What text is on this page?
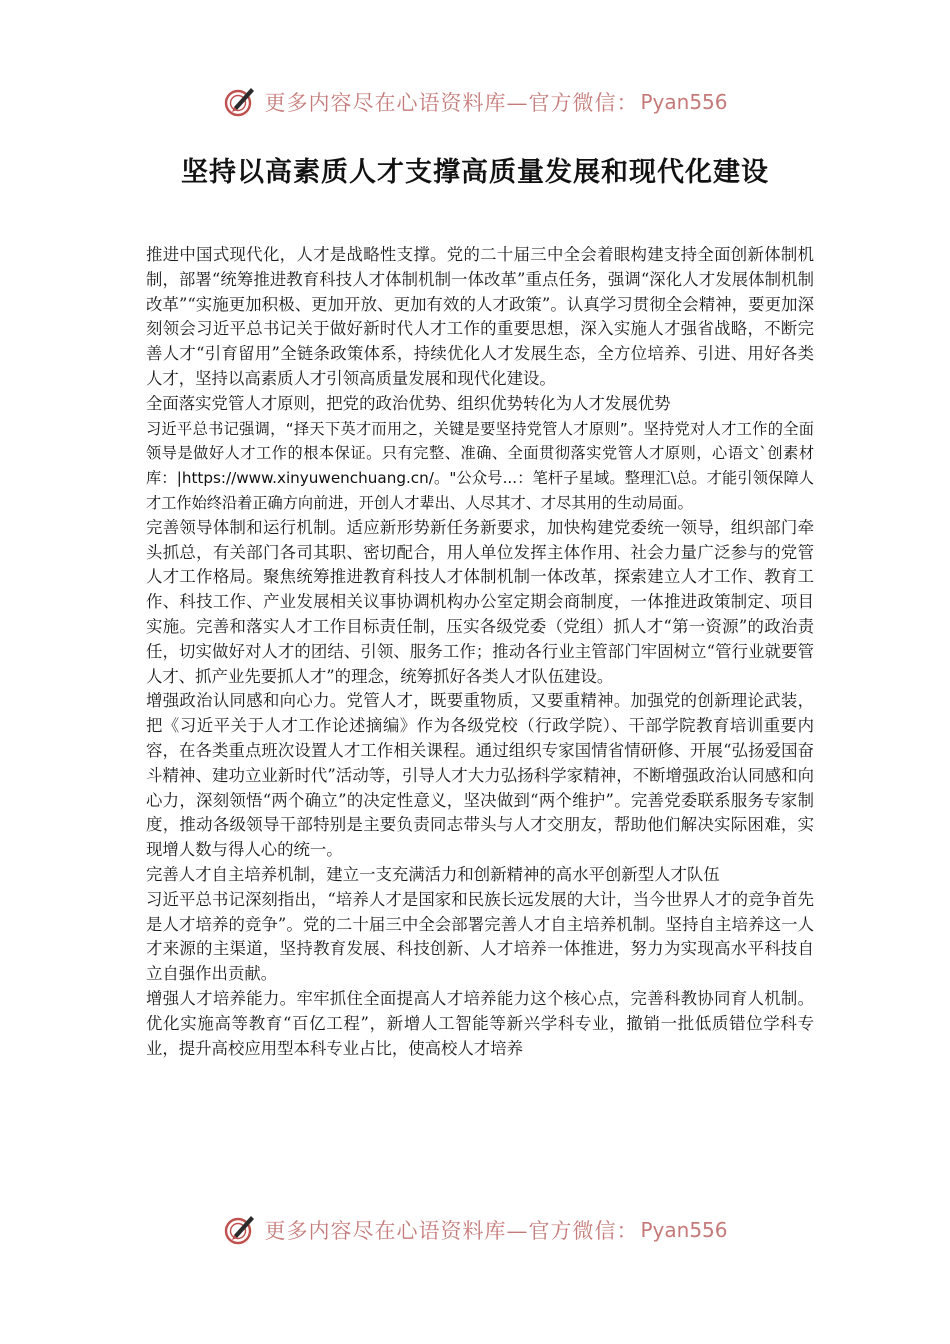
更多内容尽在心语资料库—官方微信： Pyan556
坚持以高素质人才支撑高质量发展和现代化建设

推进中国式现代化，人才是战略性支撑。党的二十届三中全会着眼构建支持全面创新体制机制，部署“统筹推进教育科技人才体制机制一体改革”重点任务，强调“深化人才发展体制机制改革”“实施更加积极、更加开放、更加有效的人才政策”。认真学习贯彻全会精神，要更加深刻领会习近平总书记关于做好新时代人才工作的重要思想，深入实施人才强省战略，不断完善人才“引育留用”全链条政策体系，持续优化人才发展生态，全方位培养、引进、用好各类人才，坚持以高素质人才引领高质量发展和现代化建设。

全面落实党管人才原则，把党的政治优势、组织优势转化为人才发展优势

习近平总书记强调，“择天下英才而用之，关键是要坚持党管人才原则”。坚持党对人才工作的全面领导是做好人才工作的根本保证。只有完整、准确、全面贯彻落实党管人才原则，心语文`创素材库：|https://www.xinyuwenchuang.cn/。"公众号...：笔杆子星域。整理汇\总。才能引领保障人才工作始终沿着正确方向前进，开创人才辈出、人尽其才、才尽其用的生动局面。

完善领导体制和运行机制。适应新形势新任务新要求，加快构建党委统一领导，组织部门牵头抓总，有关部门各司其职、密切配合，用人单位发挥主体作用、社会力量广泛参与的党管人才工作格局。聚焦统筹推进教育科技人才体制机制一体改革，探索建立人才工作、教育工作、科技工作、产业发展相关议事协调机构办公室定期会商制度，一体推进政策制定、项目实施。完善和落实人才工作目标责任制，压实各级党委（党组）抓人才“第一资源”的政治责任，切实做好对人才的团结、引领、服务工作；推动各行业主管部门牢固树立“管行业就要管人才、抓产业先要抓人才”的理念，统筹抓好各类人才队伍建设。

增强政治认同感和向心力。党管人才，既要重物质，又要重精神。加强党的创新理论武装，把《习近平关于人才工作论述摘编》作为各级党校（行政学院）、干部学院教育培训重要内容，在各类重点班次设置人才工作相关课程。通过组织专家国情省情研修、开展“弘扬爱国奋斗精神、建功立业新时代”活动等，引导人才大力弘扬科学家精神，不断增强政治认同感和向心力，深刻领悟“两个确立”的决定性意义，坚决做到“两个维护”。完善党委联系服务专家制度，推动各级领导干部特别是主要负责同志带头与人才交朋友，帮助他们解决实际困难，实现增人数与得人心的统一。

完善人才自主培养机制，建立一支充满活力和创新精神的高水平创新型人才队伍

习近平总书记深刻指出，“培养人才是国家和民族长远发展的大计，当今世界人才的竞争首先是人才培养的竞争”。党的二十届三中全会部署完善人才自主培养机制。坚持自主培养这一人才来源的主渠道，坚持教育发展、科技创新、人才培养一体推进，努力为实现高水平科技自立自强作出贡献。

增强人才培养能力。牢牢抓住全面提高人才培养能力这个核心点，完善科教协同育人机制。优化实施高等教育“百亿工程”，新增人工智能等新兴学科专业，撤销一批低质错位学科专业，提升高校应用型本科专业占比，使高校人才培养

更多内容尽在心语资料库—官方微信： Pyan556
